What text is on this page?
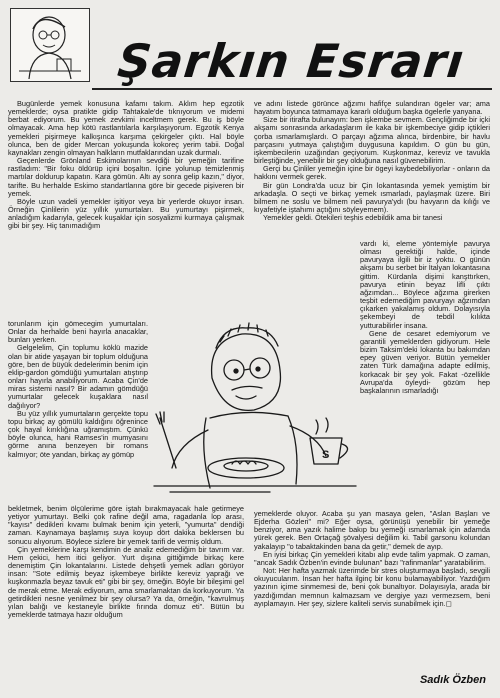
Şarkın Esrarı

Bugünlerde yemek konusuna kafamı takım. Aklım hep egzotik yemeklerde; oysa pratikte gidip Tahtakale'de tıknıyorum ve midemi berbat ediyorum. Bu yemek zevkimi inceltmem gerek. Bu iş böyle olmayacak. Ama hep kötü rastlantılarla karşılaşıyorum. Egzotik Kenya yemekleri pişirmeye kalkışınca karşıma çekirgeler çıktı. Hal böyle olunca, ben de gider Mercan yokuşunda kokoreç yerim tabii. Doğal kaynakları zengin olmayan halkların mutfaklarından uzak durmalı.

Geçenlerde Grönland Eskimolarının sevdiği bir yemeğin tarifine rastladım: "Bir foku öldürüp içini boşaltın. İçine yolunup temizlenmiş martılar doldurup kapatın. Kara gömün. Altı ay sonra gelip kazın," diyor, tarifte. Bu herhalde Eskimo standartlarına göre bir gecede pişiveren bir yemek.

Böyle uzun vadeli yemekler işitiyor veya bir yerlerde okuyor insan. Örneğin Çinlilerin yüz yıllık yumurtaları. Bu yumurtayı pişirmek, anladığım kadarıyla, gelecek kuşaklar için sosyalizmi kurmaya çalışmak gibi bir şey. Hiç tanımadığım

torunlarım için gömecegim yumurtaları. Onlar da herhalde beni hayırla anacaklar, bunları yerken.

Gelgelelim, Çin toplumu köklü mazide olan bir atide yaşayan bir toplum olduğuna göre, ben de büyük dedelerimin benim için eklip-gardon gömdüğü yumurtaları atıştırıp onları hayırla anabiliyorum. Acaba Çin'de miras sistemi nasıl? Bir adamın gömdüğü yumurtalar gelecek kuşaklara nasıl dağılıyor?

Bu yüz yıllık yumurtaların gerçekte topu topu birkaç ay gömülü kaldığını öğrenince çok hayal kırıklığına uğramıştım. Çünkü böyle olunca, hani Ramses'in mumyasını görme anına benzeyen bir romans kalmıyor; öte yandan, birkaç ay gömüp

bekletmek, benim ölçülerime göre iştah bırakmayacak hale getirmeye yetiyor yumurtayı. Belki çok rafine değil ama, ragadanla lop arası, "kayısı" dedikleri kıvamı bulmak benim için yeterli, "yumurta" dendiği zaman. Kaynamaya başlamış suya koyup dört dakika beklersen bu sonucu alıyorum. Böylece sizlere bir yemek tarifi de vermiş oldum.

Çin yemeklerine karşı kendimin de analiz edemediğim bir tavrım var. Hem çekici, hem itici geliyor. Yurt dışına gittiğimde birkaç kere denemiştim Çin lokantalarını. Listede dehşetli yemek adları görüyor insan: "Sote edilmiş beyaz işkembeye birlikte kereviz yaprağı ve kuşkonmazla beyaz tavuk eti" gibi bir şey, örneğin. Böyle bir bileşimi gel de merak etme. Merak ediyorum, ama smarlamaktan da korkuyorum. Ya getirdikleri nesne yenilmez bir şey olursa? Ya da, örneğin, "kavrulmuş yılan balığı ve kestaneyle birlikte fırında domuz eti". Bütün bu yemeklerde tatmaya hazır olduğum

ve adını listede görünce ağzımı hafifçe sulandıran ögeler var; ama hayatım boyunca tatmamaya kararlı olduğum başka ögelerle yanyana.

Size bir itirafta bulunayım: ben işkembe sevmem. Gençliğimde bir içki akşamı sonrasında arkadaşlarım ile kaka bir işkembeciye gidip içtikleri çorba ısmarlamışlardı. O parçayı ağzıma alınca, birdenbire, bir havlu parçasını yutmaya çalıştığım duygusuna kapıldım. O gün bu gün, işkembecilerin uzağından geçiyorum. Kuşkonmaz, kereviz ve tavukla birleştiğinde, yenebilir bir şey olduğuna nasıl güvenebilirim.

Gerçi bu Çinliler yemeğin içine bir ögeyi kaybedebiliyorlar - onların da hakkını vermek gerek.

Bir gün Londra'da ucuz bir Çin lokantasında yemek yemiştim bir arkadaşla. O seçti ve birkaç yemek ısmarladı, paylaşmak üzere. Biri bilmem ne soslu ve bilmem neli pavurya'ydı (bu havyarın da kılığı ve kıyafetiyle iştahımı açtığını söyleyemem).

Yemekler geldi. Ötekileri teşhis edebildik ama bir tanesi

vardı ki, eleme yöntemiyle pavurya olması gerektiği halde, içinde pavuryaya ilgili bir iz yoktu. O günün akşamı bu serbet bir İtalyan lokantasına gittim. Kürdanla dişimi kanşttırken, pavurya etinin beyaz lifli çıktı ağzımdan... Böylece ağzıma girerken teşbit edemediğim pavuryayı ağzımdan çıkarken yakalamış oldum. Dolayısıyla şekembeyi de tebdil kılıkta yutturabilirler insana.

Gene de cesaret edemiyorum ve garantili yemeklerden gidiyorum. Hele bizim Taksim'deki lokanta bu bakımdan epey güven veriyor. Bütün yemekler zaten Türk damağına adapte edilmiş, korkacak bir şey yok. Fakat -özellikle Avrupa'da öyleydi- gözüm hep başkalarının ısmarladığı

yemeklerde oluyor. Acaba şu yan masaya gelen, "Aslan Başları ve Ejderha Gözleri" mi? Eğer oysa, görünüşü yenebilir bir yemeğe benziyor, ama yazık halime bakıp bu yemeği ısmarlamak için adamda yürek gerek. Ben Ortaçağ şövalyesi değilim ki. Tabil garsonu kolundan yakalayıp "o tabaktakinden bana da getir," demek de ayıp.

En iyisi birkaç Çin yemekleri kitabı alıp evde talim yapmak. O zaman, "ancak Sadık Özben'in evinde bulunan" bazı "rafinmanlar" yaratabilirim.

Not: Her hafta yazmak üzerimde bir stres oluşturmaya başladı, sevgili okuyucularım. İnsan her hafta ilginç bir konu bulamayabiliyor. Yazdığım yazının içime sinmemesi de, beni çok bunaltıyor. Dolayısıyla, arada bir yazdığımdan memnun kalmazsam ve dergiye yazı vermezsem, beni ayıplamayın. Her şey, sizlere kaliteli servis sunabilmek için.◻

S
Sadık Özben
